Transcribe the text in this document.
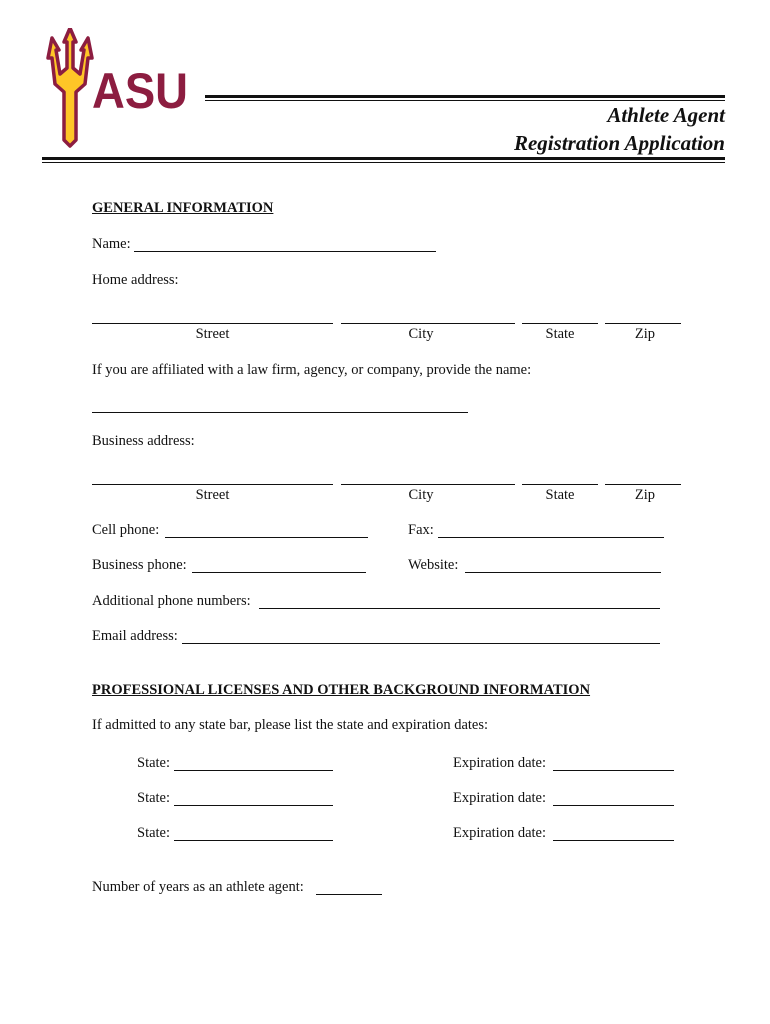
ASU	Athlete Agent
Registration Application
GENERAL INFORMATION
Name:
Home address:
Street	City	State	Zip
If you are affiliated with a law firm, agency, or company, provide the name:
Business address:
Street	City	State	Zip
Cell phone:	Fax:
Business phone:	Website:
Additional phone numbers:
Email address:
PROFESSIONAL LICENSES AND OTHER BACKGROUND INFORMATION
If admitted to any state bar, please list the state and expiration dates:
State:	Expiration date:
State:	Expiration date:
State:	Expiration date:
Number of years as an athlete agent:
